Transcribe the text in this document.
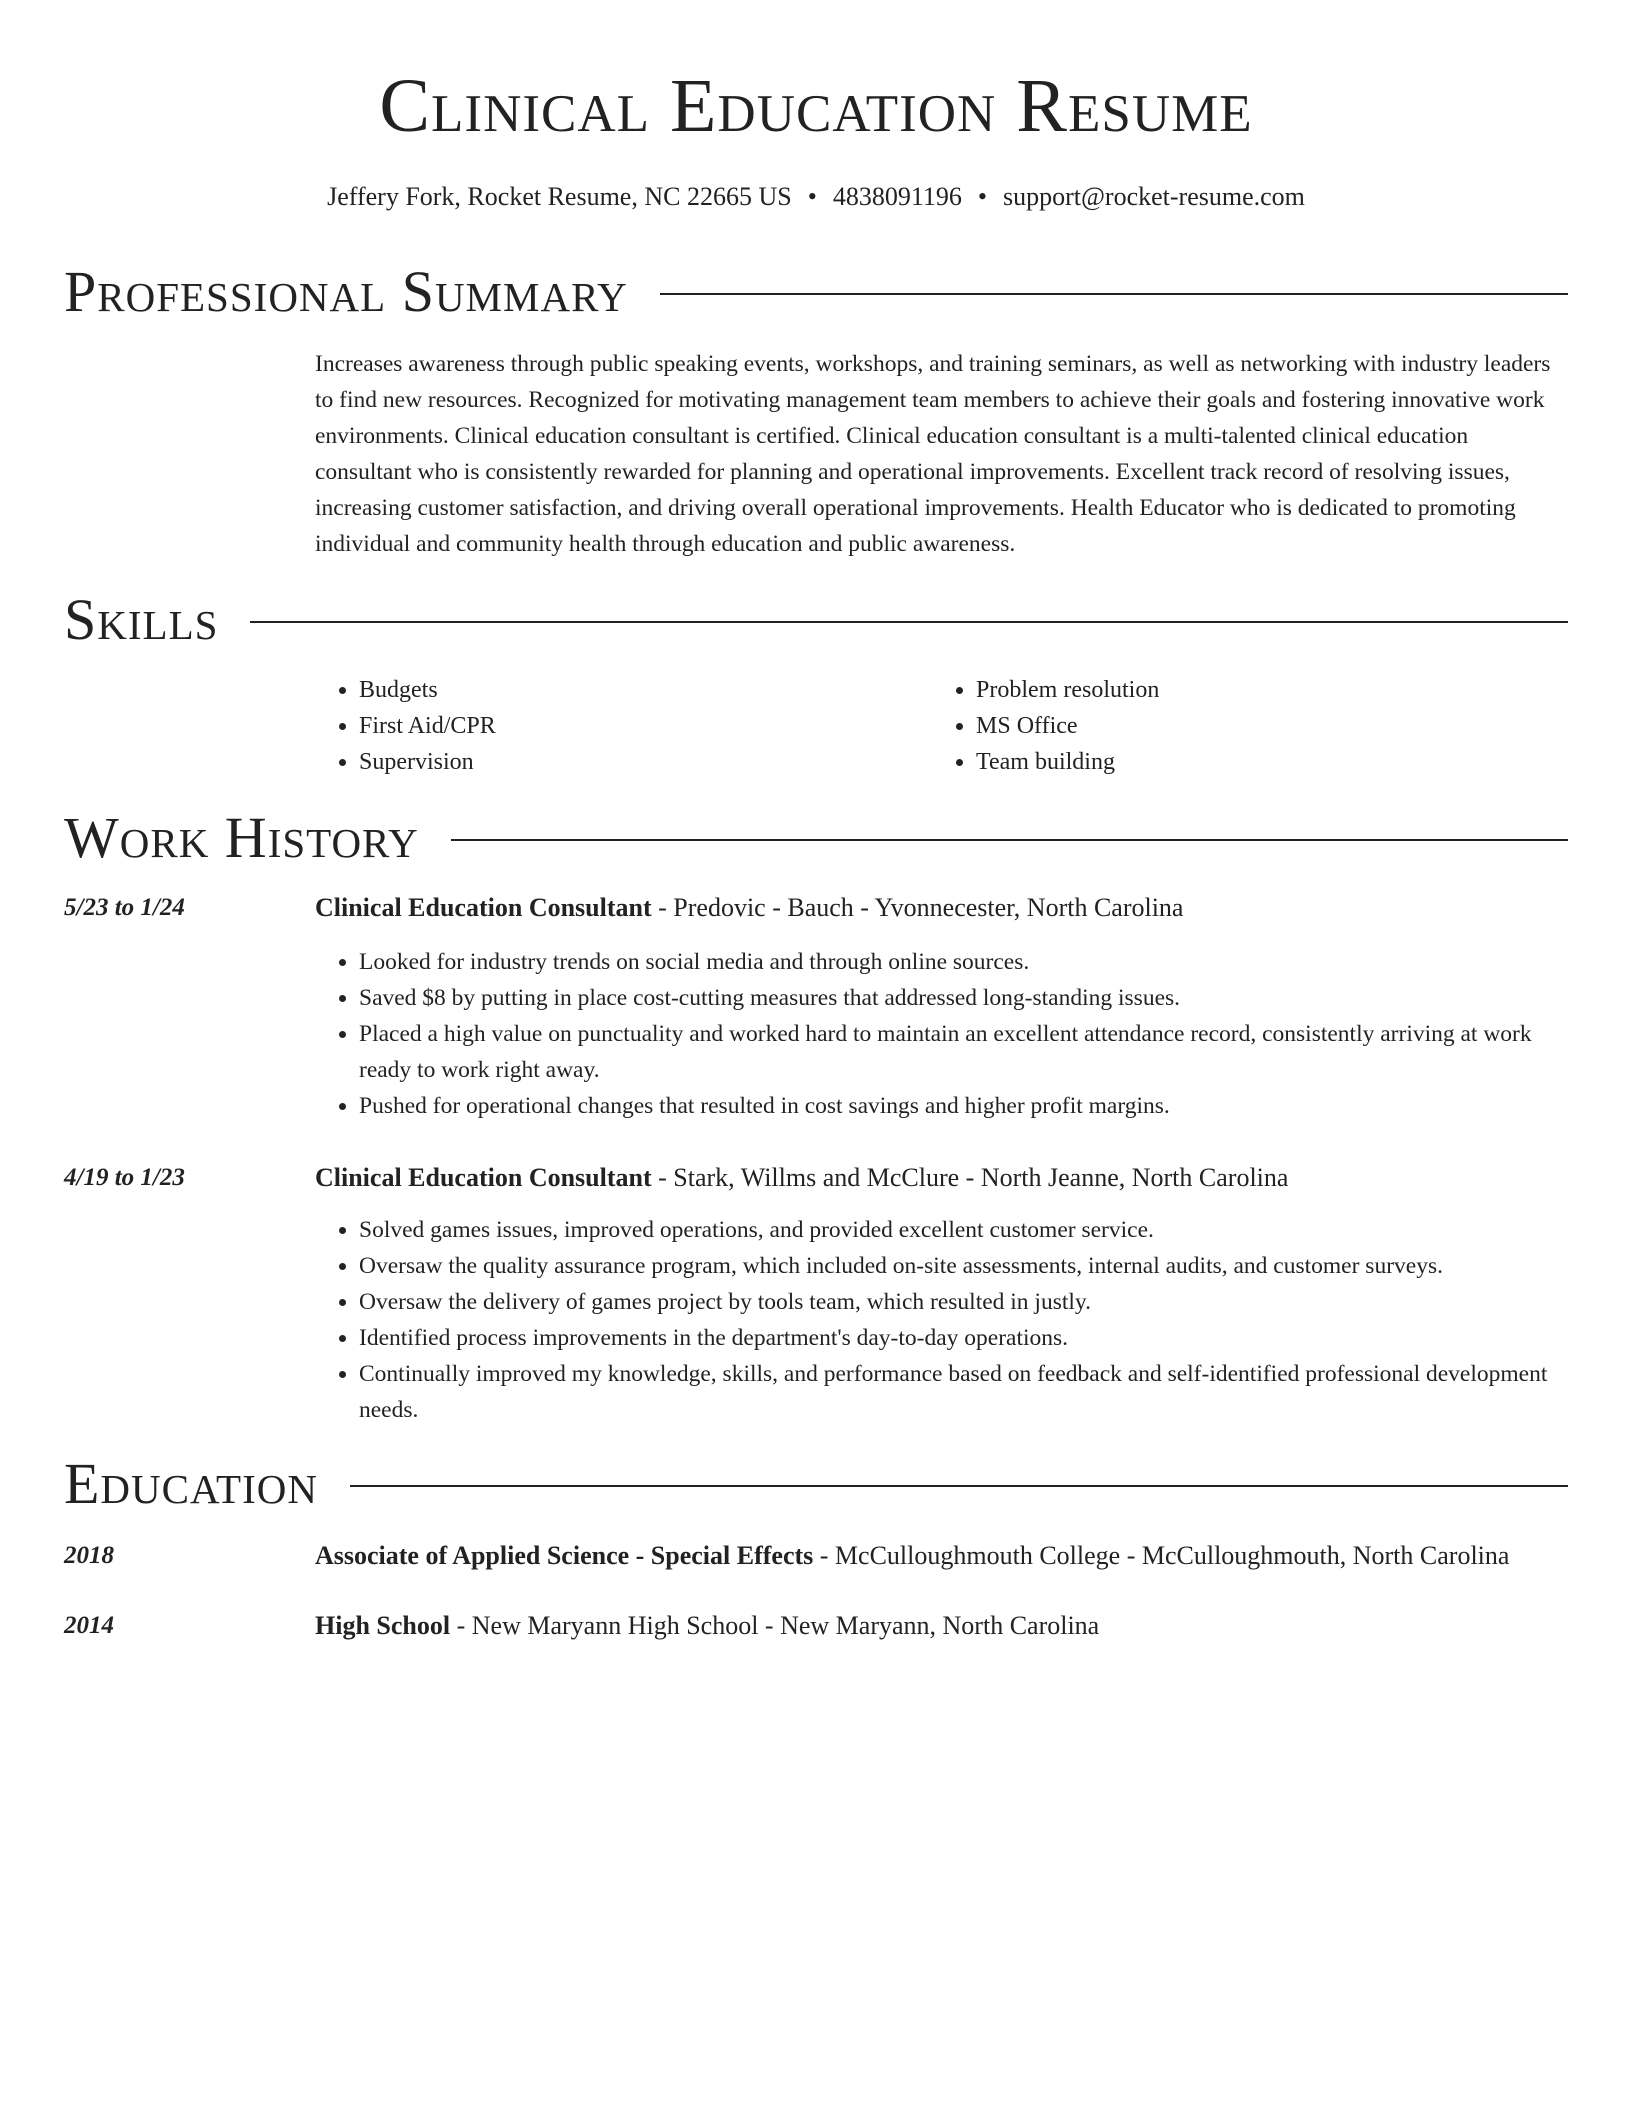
Clinical Education Resume
Jeffery Fork, Rocket Resume, NC 22665 US • 4838091196 • support@rocket-resume.com
Professional Summary

Increases awareness through public speaking events, workshops, and training seminars, as well as networking with industry leaders to find new resources. Recognized for motivating management team members to achieve their goals and fostering innovative work environments. Clinical education consultant is certified. Clinical education consultant is a multi-talented clinical education consultant who is consistently rewarded for planning and operational improvements. Excellent track record of resolving issues, increasing customer satisfaction, and driving overall operational improvements. Health Educator who is dedicated to promoting individual and community health through education and public awareness.

Skills
• Budgets
• First Aid/CPR
• Supervision
• Problem resolution
• MS Office
• Team building
Work History
5/23 to 1/24	Clinical Education Consultant - Predovic - Bauch - Yvonnecester, North Carolina
• Looked for industry trends on social media and through online sources.
• Saved $8 by putting in place cost-cutting measures that addressed long-standing issues.
• Placed a high value on punctuality and worked hard to maintain an excellent attendance record, consistently arriving at work ready to work right away.
• Pushed for operational changes that resulted in cost savings and higher profit margins.
4/19 to 1/23	Clinical Education Consultant - Stark, Willms and McClure - North Jeanne, North Carolina
• Solved games issues, improved operations, and provided excellent customer service.
• Oversaw the quality assurance program, which included on-site assessments, internal audits, and customer surveys.
• Oversaw the delivery of games project by tools team, which resulted in justly.
• Identified process improvements in the department's day-to-day operations.
• Continually improved my knowledge, skills, and performance based on feedback and self-identified professional development needs.
Education
2018	Associate of Applied Science - Special Effects - McCulloughmouth College - McCulloughmouth, North Carolina
2014	High School - New Maryann High School - New Maryann, North Carolina
